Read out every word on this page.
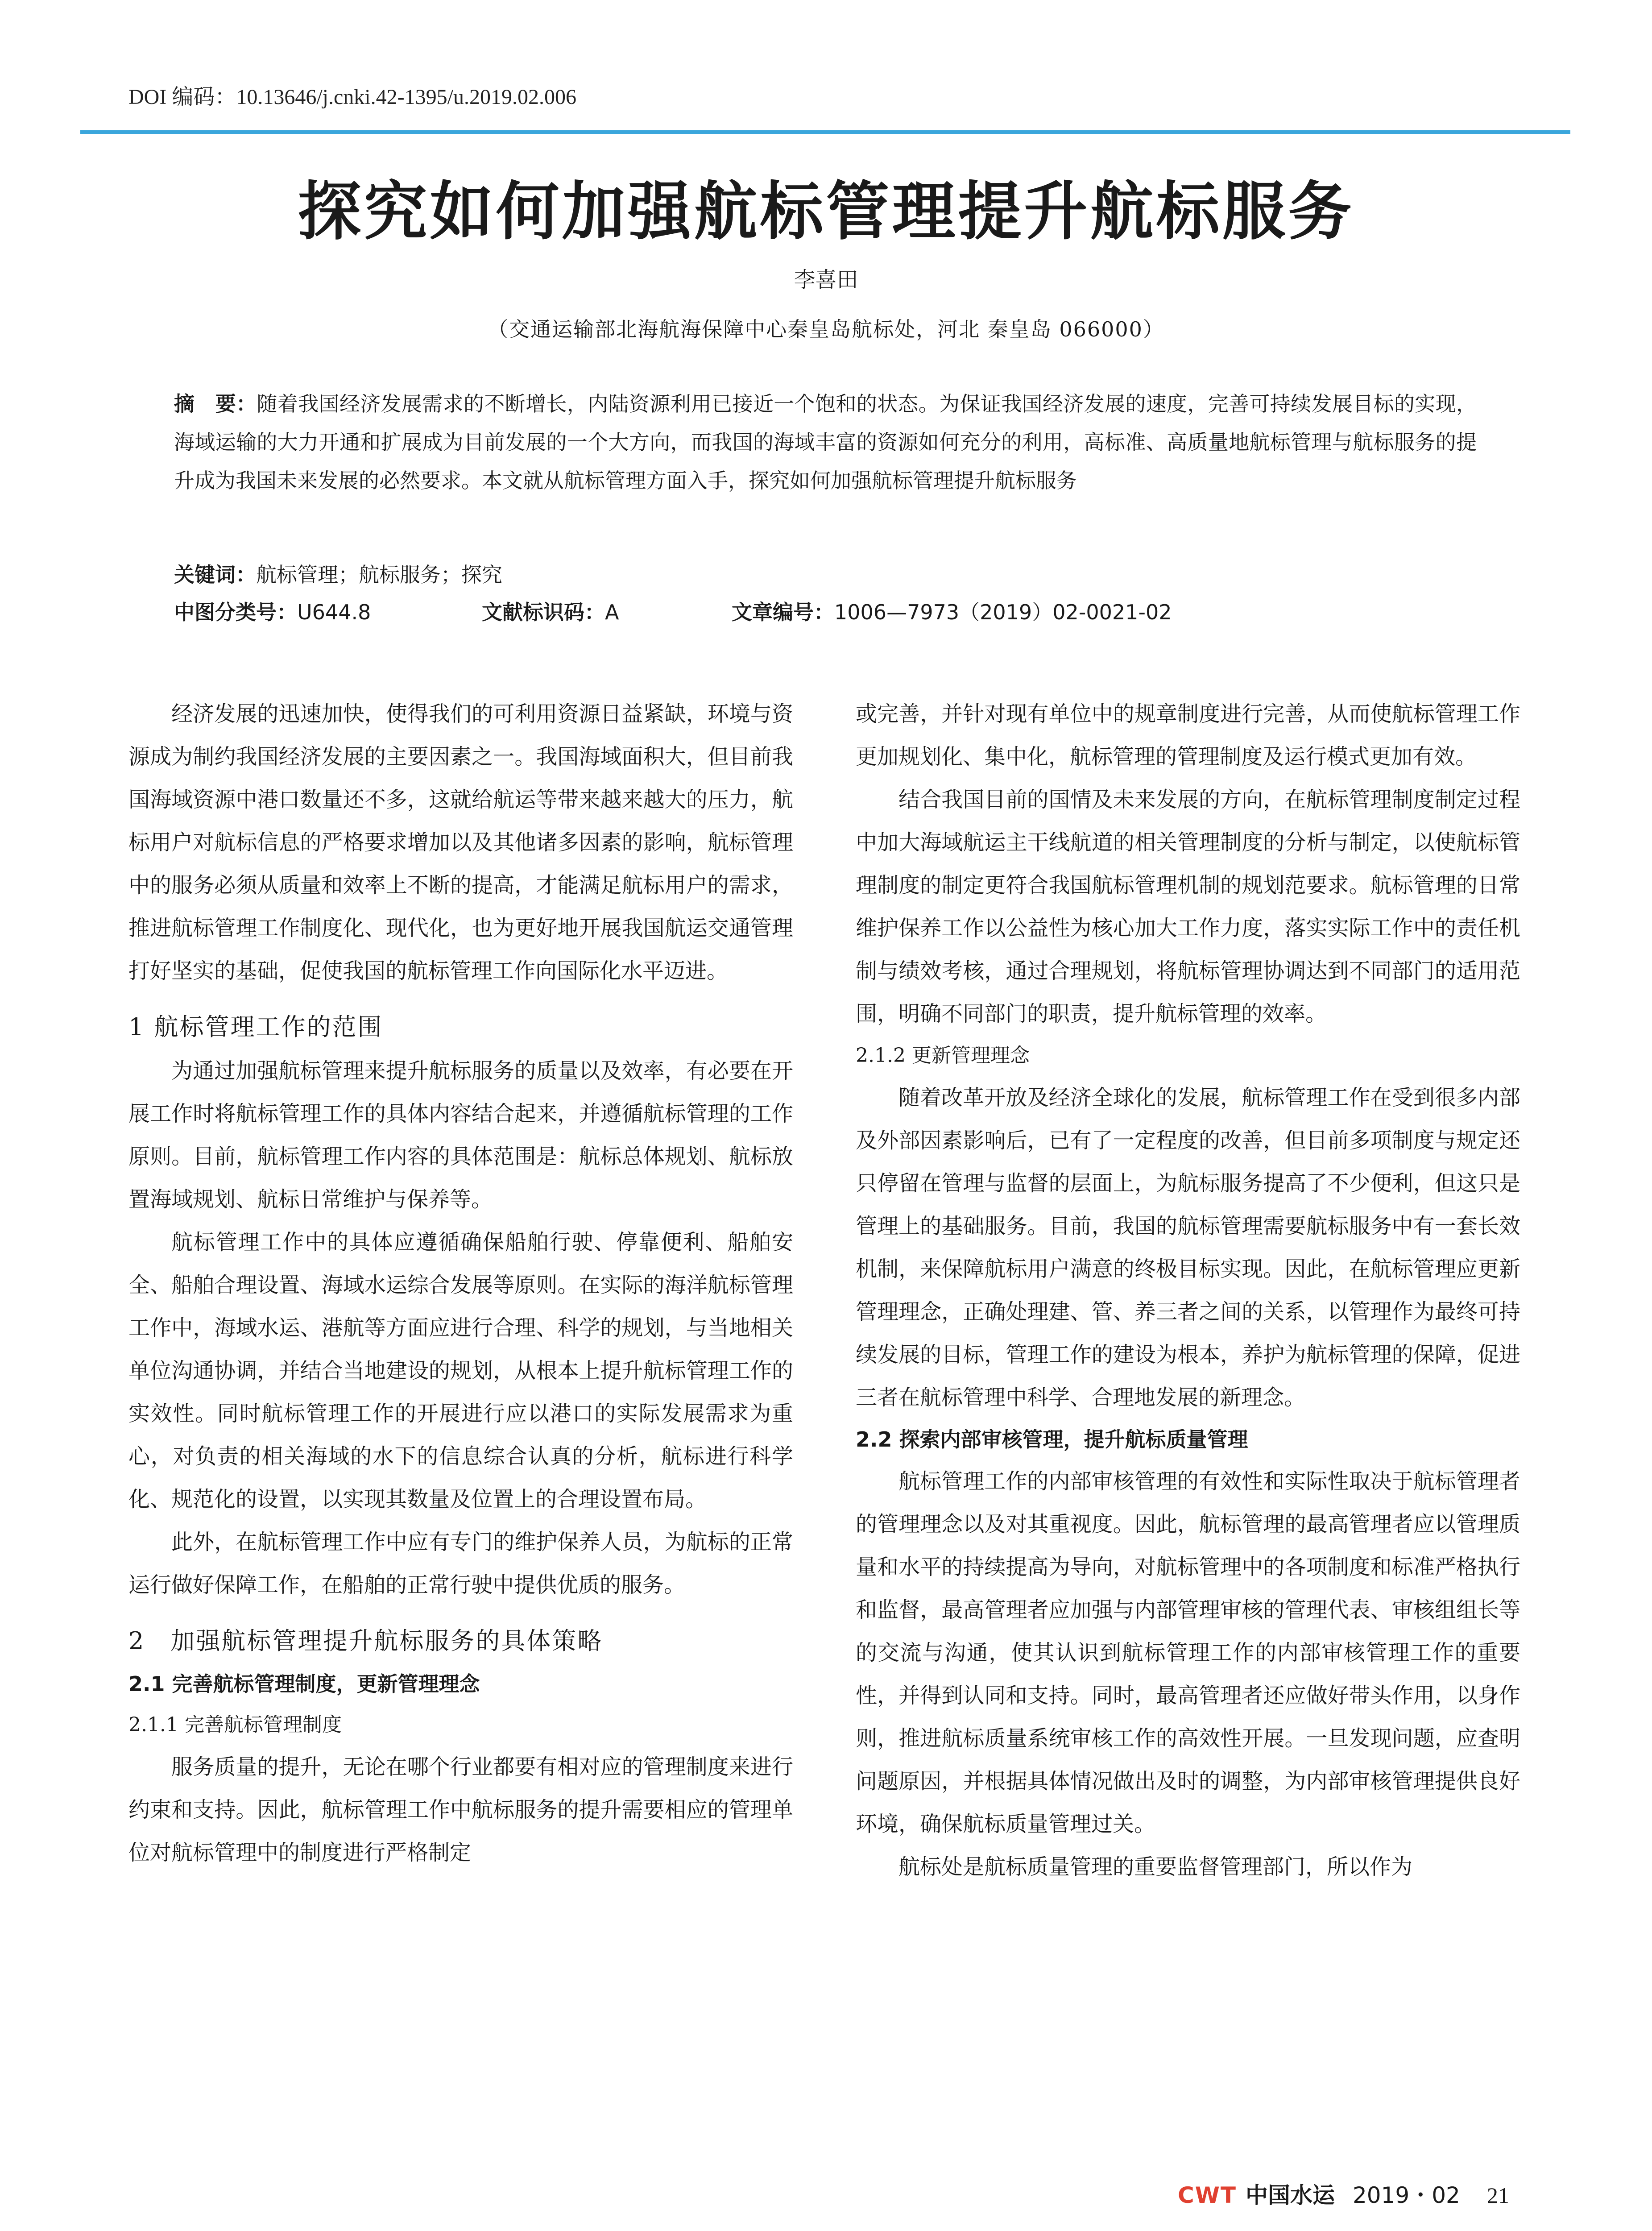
DOI 编码：10.13646/j.cnki.42-1395/u.2019.02.006
探究如何加强航标管理提升航标服务
李喜田
（交通运输部北海航海保障中心秦皇岛航标处，河北 秦皇岛 066000）
摘　要：随着我国经济发展需求的不断增长，内陆资源利用已接近一个饱和的状态。为保证我国经济发展的速度，完善可持续发展目标的实现，海域运输的大力开通和扩展成为目前发展的一个大方向，而我国的海域丰富的资源如何充分的利用，高标准、高质量地航标管理与航标服务的提升成为我国未来发展的必然要求。本文就从航标管理方面入手，探究如何加强航标管理提升航标服务
关键词：航标管理；航标服务；探究
中图分类号：U644.8	文献标识码：A	文章编号：1006—7973（2019）02-0021-02

经济发展的迅速加快，使得我们的可利用资源日益紧缺，环境与资源成为制约我国经济发展的主要因素之一。我国海域面积大，但目前我国海域资源中港口数量还不多，这就给航运等带来越来越大的压力，航标用户对航标信息的严格要求增加以及其他诸多因素的影响，航标管理中的服务必须从质量和效率上不断的提高，才能满足航标用户的需求，推进航标管理工作制度化、现代化，也为更好地开展我国航运交通管理打好坚实的基础，促使我国的航标管理工作向国际化水平迈进。

1 航标管理工作的范围

为通过加强航标管理来提升航标服务的质量以及效率，有必要在开展工作时将航标管理工作的具体内容结合起来，并遵循航标管理的工作原则。目前，航标管理工作内容的具体范围是：航标总体规划、航标放置海域规划、航标日常维护与保养等。

航标管理工作中的具体应遵循确保船舶行驶、停靠便利、船舶安全、船舶合理设置、海域水运综合发展等原则。在实际的海洋航标管理工作中，海域水运、港航等方面应进行合理、科学的规划，与当地相关单位沟通协调，并结合当地建设的规划，从根本上提升航标管理工作的实效性。同时航标管理工作的开展进行应以港口的实际发展需求为重心，对负责的相关海域的水下的信息综合认真的分析，航标进行科学化、规范化的设置，以实现其数量及位置上的合理设置布局。

此外，在航标管理工作中应有专门的维护保养人员，为航标的正常运行做好保障工作，在船舶的正常行驶中提供优质的服务。

2　加强航标管理提升航标服务的具体策略
2.1 完善航标管理制度，更新管理理念
2.1.1 完善航标管理制度

服务质量的提升，无论在哪个行业都要有相对应的管理制度来进行约束和支持。因此，航标管理工作中航标服务的提升需要相应的管理单位对航标管理中的制度进行严格制定

或完善，并针对现有单位中的规章制度进行完善，从而使航标管理工作更加规划化、集中化，航标管理的管理制度及运行模式更加有效。

结合我国目前的国情及未来发展的方向，在航标管理制度制定过程中加大海域航运主干线航道的相关管理制度的分析与制定，以使航标管理制度的制定更符合我国航标管理机制的规划范要求。航标管理的日常维护保养工作以公益性为核心加大工作力度，落实实际工作中的责任机制与绩效考核，通过合理规划，将航标管理协调达到不同部门的适用范围，明确不同部门的职责，提升航标管理的效率。

2.1.2 更新管理理念

随着改革开放及经济全球化的发展，航标管理工作在受到很多内部及外部因素影响后，已有了一定程度的改善，但目前多项制度与规定还只停留在管理与监督的层面上，为航标服务提高了不少便利，但这只是管理上的基础服务。目前，我国的航标管理需要航标服务中有一套长效机制，来保障航标用户满意的终极目标实现。因此，在航标管理应更新管理理念，正确处理建、管、养三者之间的关系，以管理作为最终可持续发展的目标，管理工作的建设为根本，养护为航标管理的保障，促进三者在航标管理中科学、合理地发展的新理念。

2.2 探索内部审核管理，提升航标质量管理

航标管理工作的内部审核管理的有效性和实际性取决于航标管理者的管理理念以及对其重视度。因此，航标管理的最高管理者应以管理质量和水平的持续提高为导向，对航标管理中的各项制度和标准严格执行和监督，最高管理者应加强与内部管理审核的管理代表、审核组组长等的交流与沟通，使其认识到航标管理工作的内部审核管理工作的重要性，并得到认同和支持。同时，最高管理者还应做好带头作用，以身作则，推进航标质量系统审核工作的高效性开展。一旦发现问题，应查明问题原因，并根据具体情况做出及时的调整，为内部审核管理提供良好环境，确保航标质量管理过关。

航标处是航标质量管理的重要监督管理部门，所以作为

CWT 中国水运 2019・02 21
